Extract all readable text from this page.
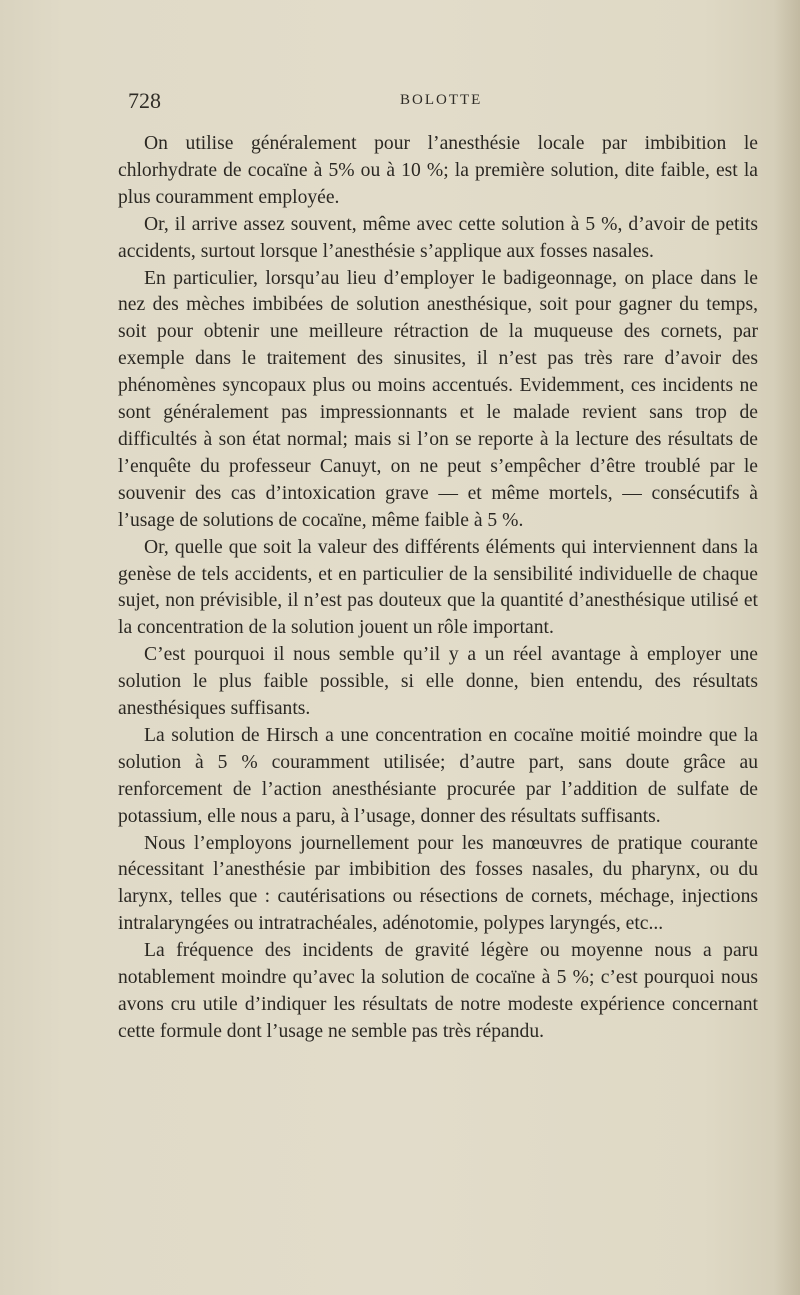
728	BOLOTTE

On utilise généralement pour l’anesthésie locale par imbibition le chlorhydrate de cocaïne à 5% ou à 10 %; la première solution, dite faible, est la plus couramment employée.

Or, il arrive assez souvent, même avec cette solution à 5 %, d’avoir de petits accidents, surtout lorsque l’anesthésie s’applique aux fosses nasales.

En particulier, lorsqu’au lieu d’employer le badigeonnage, on place dans le nez des mèches imbibées de solution anesthésique, soit pour gagner du temps, soit pour obtenir une meilleure rétraction de la muqueuse des cornets, par exemple dans le traitement des sinusites, il n’est pas très rare d’avoir des phénomènes syncopaux plus ou moins accentués. Evidemment, ces incidents ne sont généralement pas impressionnants et le malade revient sans trop de difficultés à son état normal; mais si l’on se reporte à la lecture des résultats de l’enquête du professeur Canuyt, on ne peut s’empêcher d’être troublé par le souvenir des cas d’intoxication grave — et même mortels, — consécutifs à l’usage de solutions de cocaïne, même faible à 5 %.

Or, quelle que soit la valeur des différents éléments qui interviennent dans la genèse de tels accidents, et en particulier de la sensibilité individuelle de chaque sujet, non prévisible, il n’est pas douteux que la quantité d’anesthésique utilisé et la concentration de la solution jouent un rôle important.

C’est pourquoi il nous semble qu’il y a un réel avantage à employer une solution le plus faible possible, si elle donne, bien entendu, des résultats anesthésiques suffisants.

La solution de Hirsch a une concentration en cocaïne moitié moindre que la solution à 5 % couramment utilisée; d’autre part, sans doute grâce au renforcement de l’action anesthésiante procurée par l’addition de sulfate de potassium, elle nous a paru, à l’usage, donner des résultats suffisants.

Nous l’employons journellement pour les manœuvres de pratique courante nécessitant l’anesthésie par imbibition des fosses nasales, du pharynx, ou du larynx, telles que : cautérisations ou résections de cornets, méchage, injections intralaryngées ou intratrachéales, adénotomie, polypes laryngés, etc...

La fréquence des incidents de gravité légère ou moyenne nous a paru notablement moindre qu’avec la solution de cocaïne à 5 %; c’est pourquoi nous avons cru utile d’indiquer les résultats de notre modeste expérience concernant cette formule dont l’usage ne semble pas très répandu.
